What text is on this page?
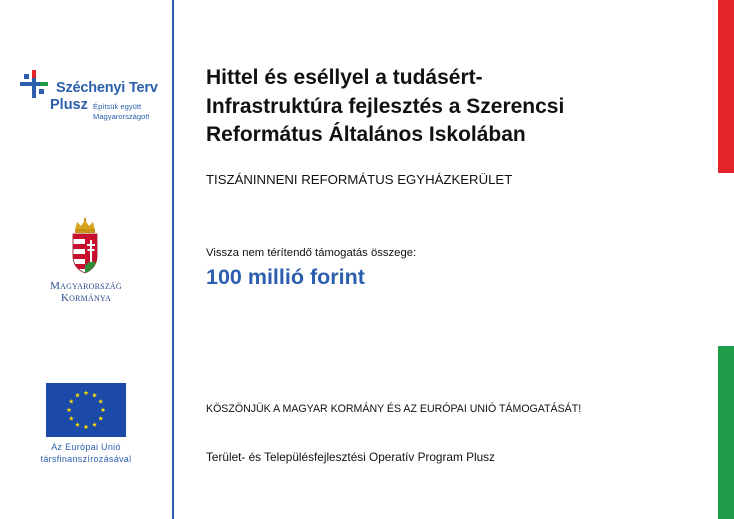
Széchenyi Terv
Plusz Építsük együtt
Magyarországot!
Magyarország
Kormánya
Az Európai Unió
társfinanszírozásával
Hittel és eséllyel a tudásért-
Infrastruktúra fejlesztés a Szerencsi
Református Általános Iskolában
TISZÁNINNENI REFORMÁTUS EGYHÁZKERÜLET
Vissza nem térítendő támogatás összege:
100 millió forint
KÖSZÖNJÜK A MAGYAR KORMÁNY ÉS AZ EURÓPAI UNIÓ TÁMOGATÁSÁT!
Terület- és Településfejlesztési Operatív Program Plusz
